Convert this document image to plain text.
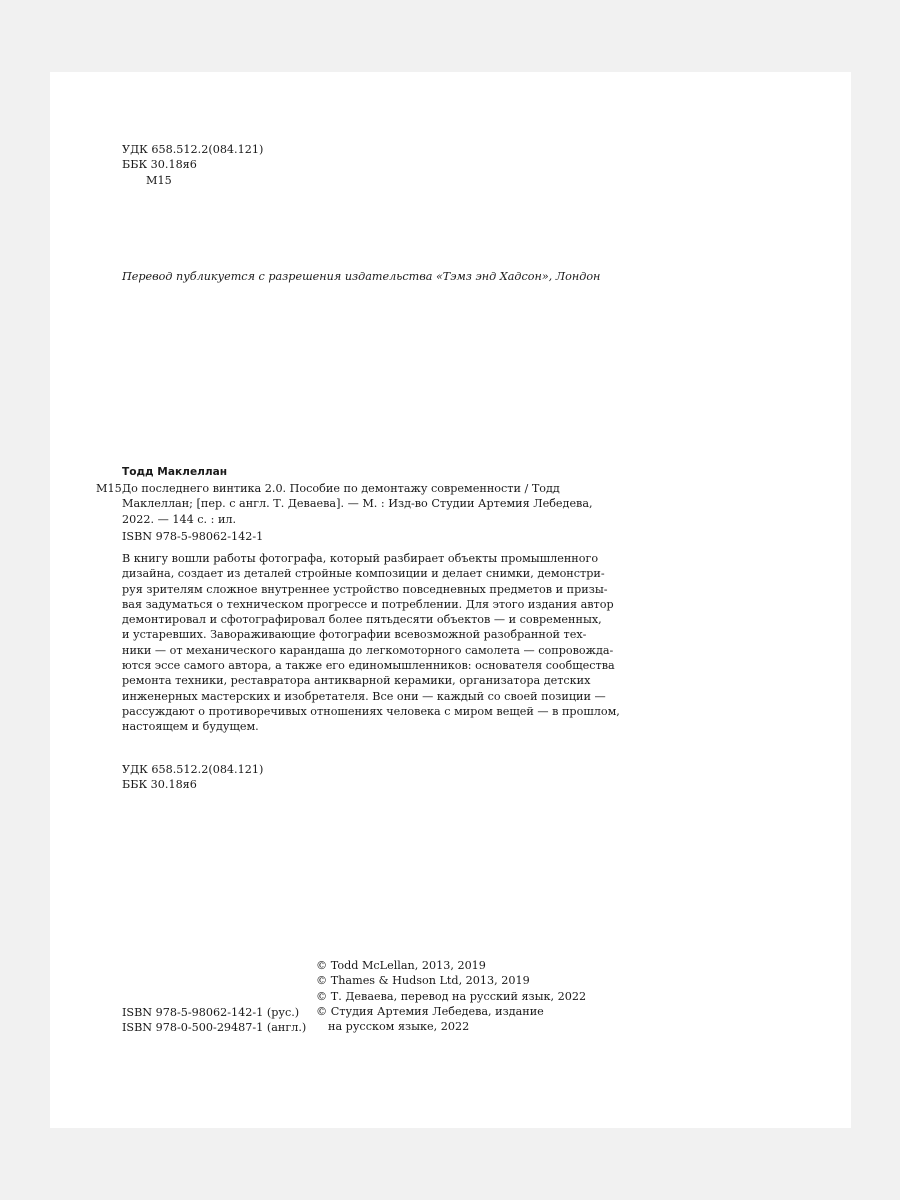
УДК 658.512.2(084.121)
ББК 30.18я6
М15
Перевод публикуется с разрешения издательства «Тэмз энд Хадсон», Лондон
Тодд Маклеллан
М15 До последнего винтика 2.0. Пособие по демонтажу современности / Тодд
Маклеллан; [пер. с англ. Т. Деваева]. — М. : Изд-во Студии Артемия Лебедева,
2022. — 144 с. : ил.
ISBN 978-5-98062-142-1
В книгу вошли работы фотографа, который разбирает объекты промышленного
дизайна, создает из деталей стройные композиции и делает снимки, демонстри-
руя зрителям сложное внутреннее устройство повседневных предметов и призы-
вая задуматься о техническом прогрессе и потреблении. Для этого издания автор
демонтировал и сфотографировал более пятьдесяти объектов — и современных,
и устаревших. Завораживающие фотографии всевозможной разобранной тех-
ники — от механического карандаша до легкомоторного самолета — сопровожда-
ются эссе самого автора, а также его единомышленников: основателя сообщества
ремонта техники, реставратора антикварной керамики, организатора детских
инженерных мастерских и изобретателя. Все они — каждый со своей позиции —
рассуждают о противоречивых отношениях человека с миром вещей — в прошлом,
настоящем и будущем.
УДК 658.512.2(084.121)
ББК 30.18я6
ISBN 978-5-98062-142-1 (рус.)
ISBN 978-0-500-29487-1 (англ.)
© Todd McLellan, 2013, 2019
© Thames & Hudson Ltd, 2013, 2019
© Т. Деваева, перевод на русский язык, 2022
© Студия Артемия Лебедева, издание
на русском языке, 2022
